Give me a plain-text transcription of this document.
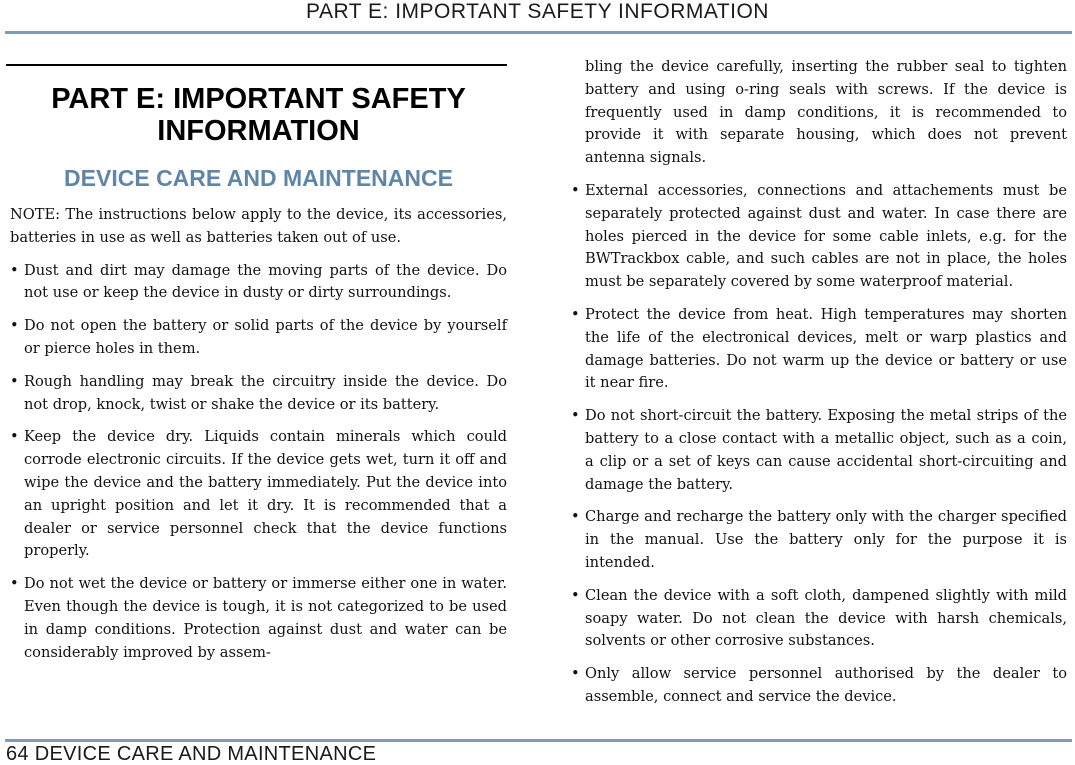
PART E: IMPORTANT SAFETY INFORMATION
PART E: IMPORTANT SAFETY INFORMATION
DEVICE CARE AND MAINTENANCE

NOTE: The instructions below apply to the device, its accessories, batteries in use as well as batteries taken out of use.

• Dust and dirt may damage the moving parts of the device. Do not use or keep the device in dusty or dirty surroundings.
• Do not open the battery or solid parts of the device by yourself or pierce holes in them.
• Rough handling may break the circuitry inside the device. Do not drop, knock, twist or shake the device or its battery.
• Keep the device dry. Liquids contain minerals which could corrode electronic circuits. If the device gets wet, turn it off and wipe the device and the battery immediately. Put the device into an upright position and let it dry. It is recommended that a dealer or service personnel check that the device functions properly.
• Do not wet the device or battery or immerse either one in water. Even though the device is tough, it is not categorized to be used in damp conditions. Protection against dust and water can be considerably improved by assem-

bling the device carefully, inserting the rubber seal to tighten battery and using o-ring seals with screws. If the device is frequently used in damp conditions, it is recommended to provide it with separate housing, which does not prevent antenna signals.

• External accessories, connections and attachements must be separately protected against dust and water. In case there are holes pierced in the device for some cable inlets, e.g. for the BWTrackbox cable, and such cables are not in place, the holes must be separately covered by some waterproof material.
• Protect the device from heat. High temperatures may shorten the life of the electronical devices, melt or warp plastics and damage batteries. Do not warm up the device or battery or use it near fire.
• Do not short-circuit the battery. Exposing the metal strips of the battery to a close contact with a metallic object, such as a coin, a clip or a set of keys can cause accidental short-circuiting and damage the battery.
• Charge and recharge the battery only with the charger specified in the manual. Use the battery only for the purpose it is intended.
• Clean the device with a soft cloth, dampened slightly with mild soapy water. Do not clean the device with harsh chemicals, solvents or other corrosive substances.
• Only allow service personnel authorised by the dealer to assemble, connect and service the device.
64 DEVICE CARE AND MAINTENANCE
